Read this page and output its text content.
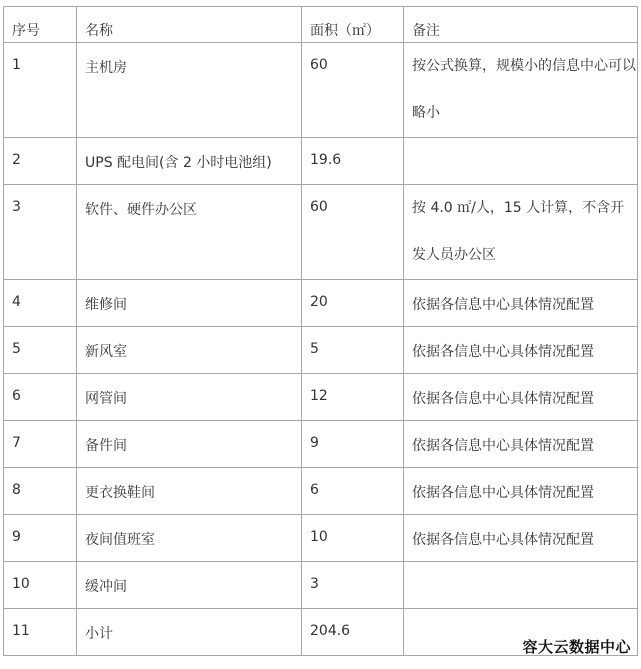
序号	名称	面积（㎡）	备注
1	主机房	60	按公式换算，规模小的信息中心可以略小

2	UPS 配电间(含 2 小时电池组)	19.6	
3	软件、硬件办公区	60	按 4.0 ㎡/人，15 人计算，不含开发人员办公区

4	维修间	20	依据各信息中心具体情况配置
5	新风室	5	依据各信息中心具体情况配置
6	网管间	12	依据各信息中心具体情况配置
7	备件间	9	依据各信息中心具体情况配置
8	更衣换鞋间	6	依据各信息中心具体情况配置
9	夜间值班室	10	依据各信息中心具体情况配置
10	缓冲间	3	
11	小计	204.6	
容大云数据中心
